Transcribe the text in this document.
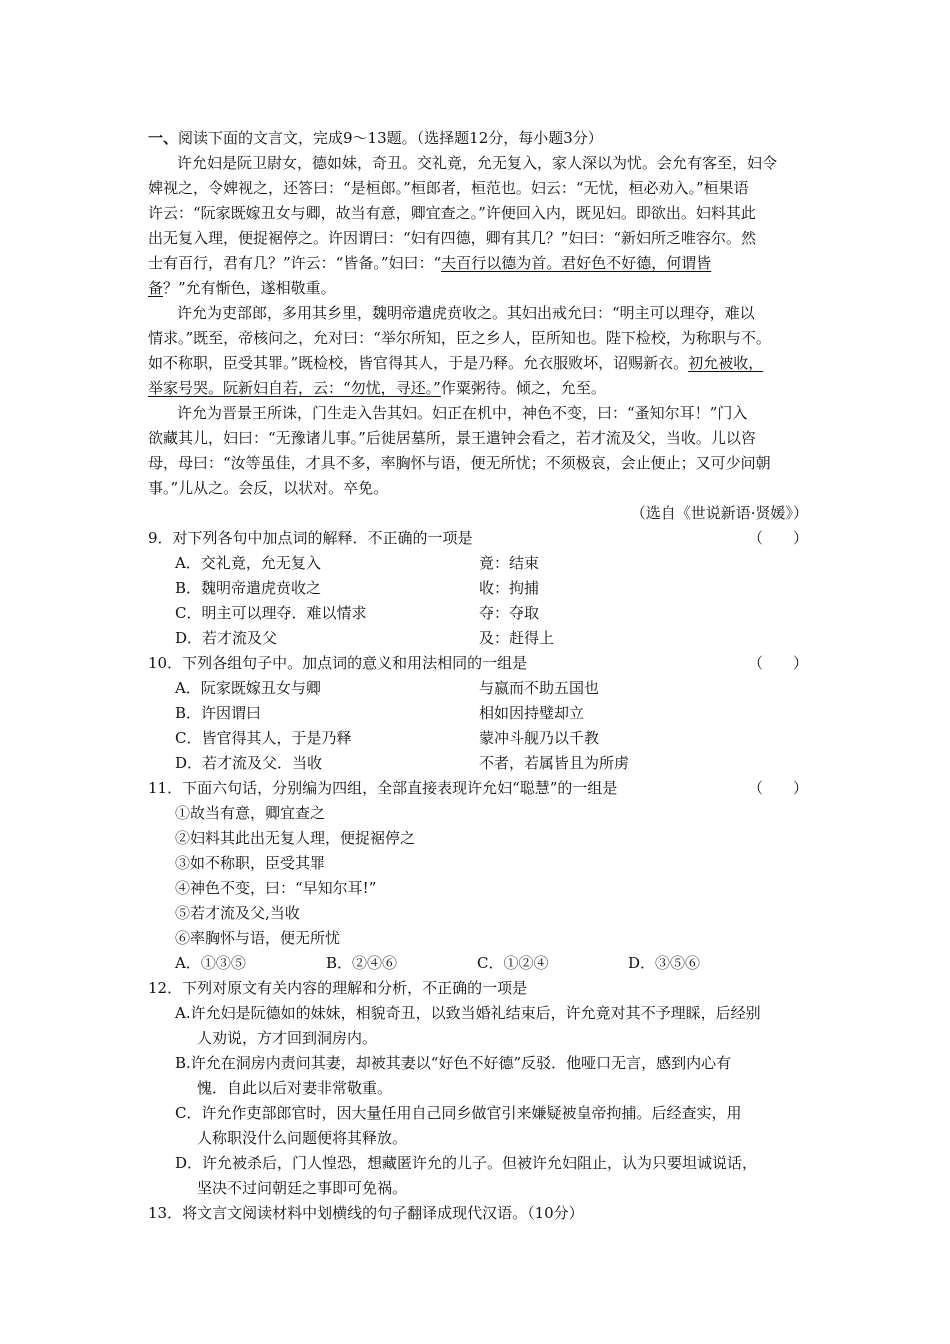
一、阅读下面的文言文，完成9～13题。（选择题12分，每小题3分）
许允妇是阮卫尉女，德如妹，奇丑。交礼竟，允无复入，家人深以为忧。会允有客至，妇令
婢视之，令婢视之，还答曰：“是桓郎。”桓郎者，桓范也。妇云：“无忧，桓必劝入。”桓果语
许云：“阮家既嫁丑女与卿，故当有意，卿宜查之。”许便回入内，既见妇。即欲出。妇料其此
出无复入理，便捉裾停之。许因谓曰：“妇有四德，卿有其几？”妇曰：“新妇所乏唯容尔。然
士有百行，君有几？”许云：“皆备。”妇曰：“夫百行以德为首。君好色不好德，何谓皆
备？”允有惭色，遂相敬重。
许允为吏部郎，多用其乡里，魏明帝遣虎贲收之。其妇出戒允曰：“明主可以理夺，难以
情求。”既至，帝核问之，允对曰：“举尔所知，臣之乡人，臣所知也。陛下检校，为称职与不。
如不称职，臣受其罪。”既检校，皆官得其人，于是乃释。允衣服败坏，诏赐新衣。初允被收，
举家号哭。阮新妇自若，云：“勿忧，寻还。”作粟粥待。倾之，允至。
许允为晋景王所诛，门生走入告其妇。妇正在机中，神色不变，曰：“蚤知尔耳！”门入
欲藏其儿，妇曰：“无豫诸儿事。”后徙居墓所，景王遣钟会看之，若才流及父，当收。儿以咨
母，母曰：“汝等虽佳，才具不多，率胸怀与语，便无所忧；不须极哀，会止便止；又可少问朝
事。”儿从之。会反，以状对。卒免。
（选自《世说新语·贤媛》）
9．对下列各句中加点词的解释．不正确的一项是	（　　）
A．交礼竟，允无复入	竟：结束
B．魏明帝遣虎贲收之	收：拘捕
C．明主可以理夺．难以情求	夺：夺取
D．若才流及父	及：赶得上
10．下列各组句子中。加点词的意义和用法相同的一组是	（　　）
A．阮家既嫁丑女与卿	与嬴而不助五国也
B．许因谓曰	相如因持璧却立
C．皆官得其人，于是乃释	蒙冲斗舰乃以千教
D．若才流及父．当收	不者，若属皆且为所虏
11．下面六句话，分别编为四组，全部直接表现许允妇“聪慧”的一组是	（　　）
①故当有意，卿宜查之
②妇料其此出无复人理，便捉裾停之
③如不称职，臣受其罪
④神色不变，曰：“早知尔耳!”
⑤若才流及父,当收
⑥率胸怀与语，便无所忧
A．①③⑤	B．②④⑥	C．①②④	D．③⑤⑥
12．下列对原文有关内容的理解和分析，不正确的一项是
A.许允妇是阮德如的妹妹，相貌奇丑，以致当婚礼结束后，许允竟对其不予理睬，后经别
人劝说，方才回到洞房内。
B.许允在洞房内责问其妻，却被其妻以“好色不好德”反驳．他哑口无言，感到内心有
愧．自此以后对妻非常敬重。
C．许允作吏部郎官时，因大量任用自己同乡做官引来嫌疑被皇帝拘捕。后经查实，用
人称职没什么问题便将其释放。
D．许允被杀后，门人惶恐，想藏匿许允的儿子。但被许允妇阻止，认为只要坦诚说话，
坚决不过问朝廷之事即可免祸。
13．将文言文阅读材料中划横线的句子翻译成现代汉语。（10分）
